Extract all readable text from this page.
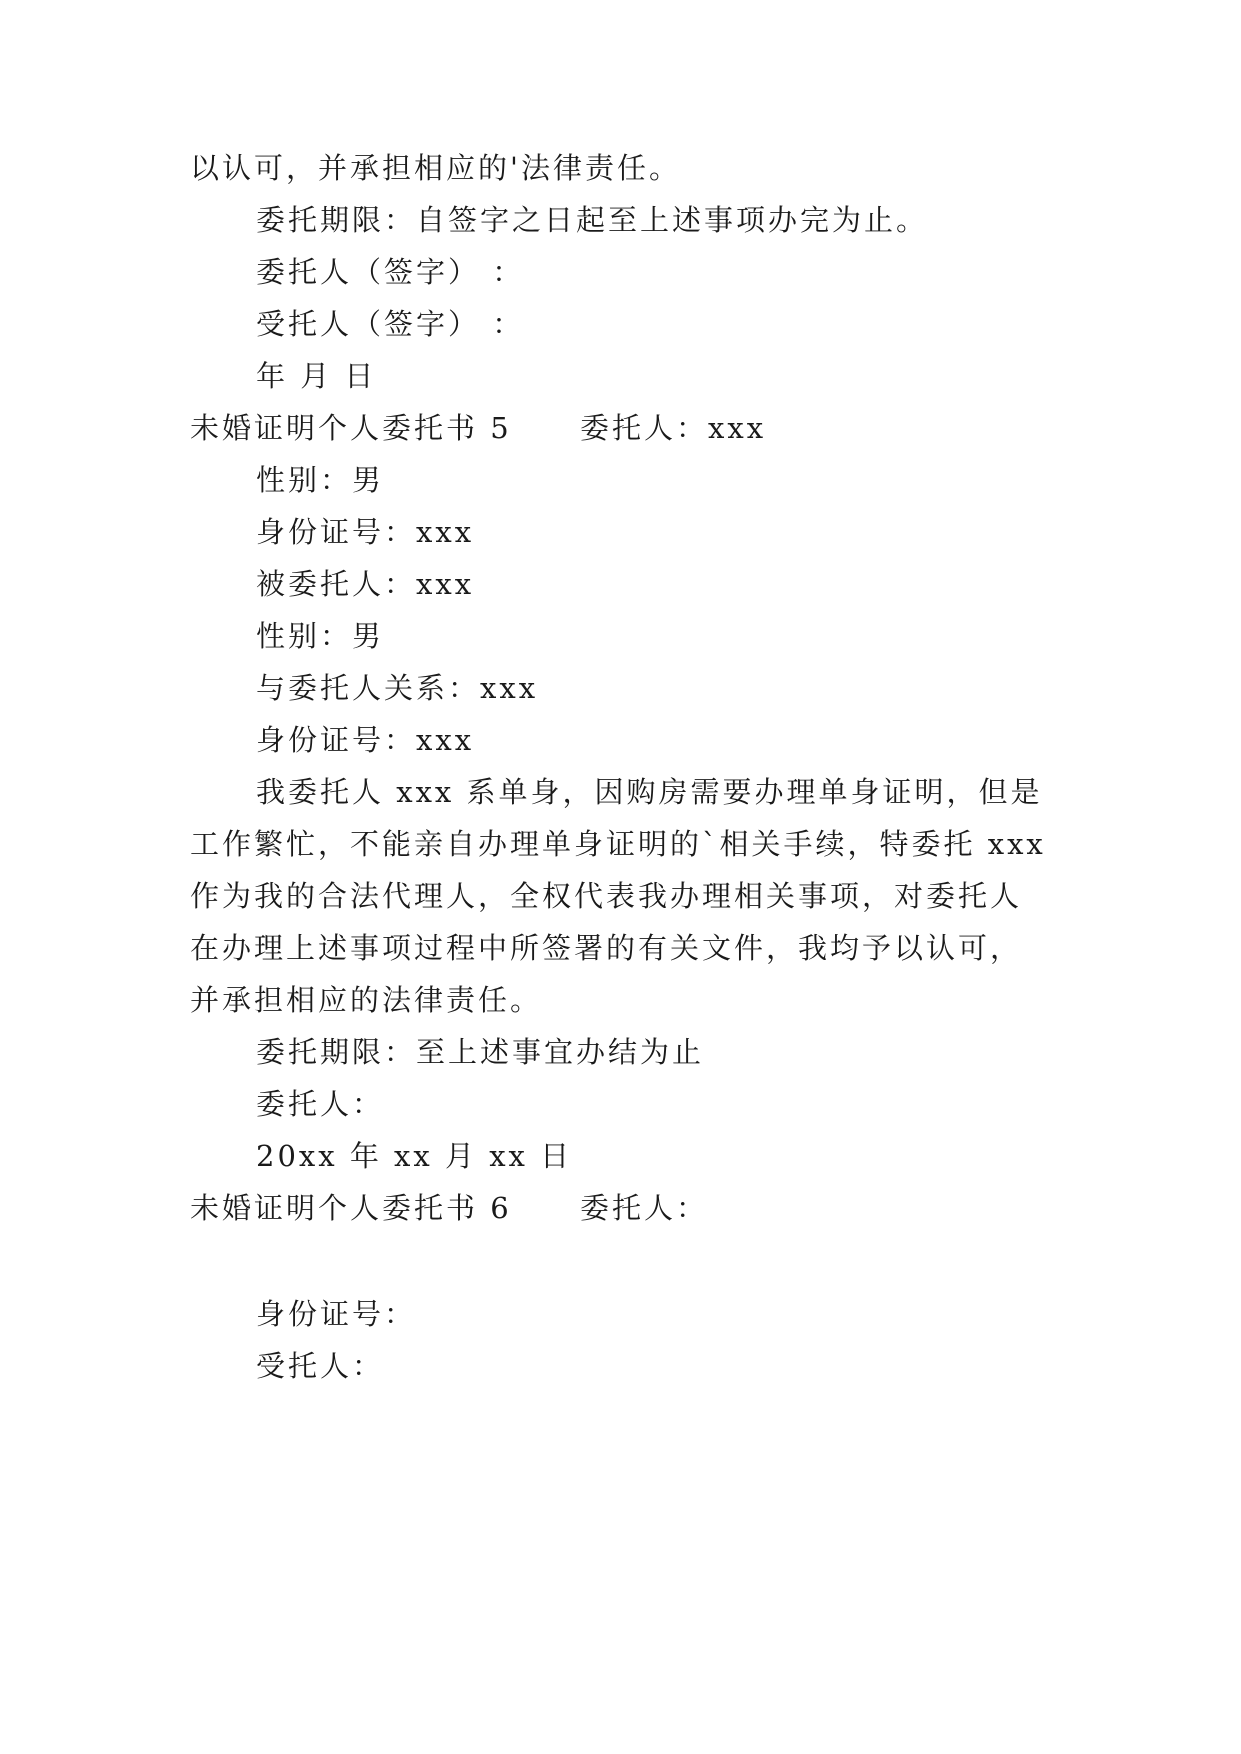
以认可，并承担相应的'法律责任。
委托期限：自签字之日起至上述事项办完为止。
委托人（签字） ：
受托人（签字） ：
年 月 日
未婚证明个人委托书 5 委托人：xxx
性别：男
身份证号：xxx
被委托人：xxx
性别：男
与委托人关系：xxx
身份证号：xxx
我委托人 xxx 系单身，因购房需要办理单身证明，但是
工作繁忙，不能亲自办理单身证明的`相关手续，特委托 xxx
作为我的合法代理人，全权代表我办理相关事项，对委托人
在办理上述事项过程中所签署的有关文件，我均予以认可，
并承担相应的法律责任。
委托期限：至上述事宜办结为止
委托人：
20xx 年 xx 月 xx 日
未婚证明个人委托书 6 委托人：
身份证号：
受托人：
